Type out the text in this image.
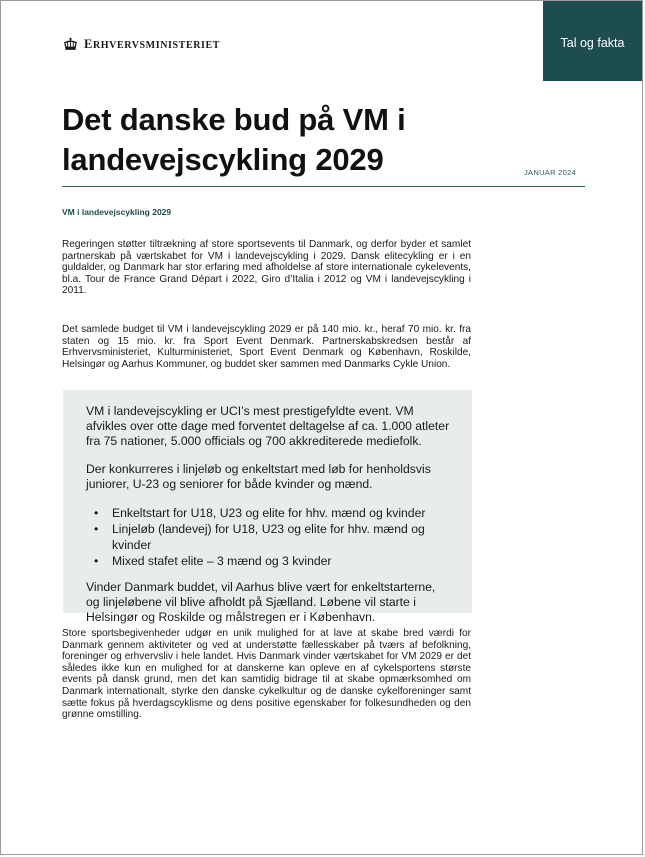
ERHVERVSMINISTERIET	Tal og fakta
Det danske bud på VM i landevejscykling 2029	JANUAR 2024
VM i landevejscykling 2029

Regeringen støtter tiltrækning af store sportsevents til Danmark, og derfor byder et samlet partnerskab på værtskabet for VM i landevejscykling i 2029. Dansk elitecykling er i en guldalder, og Danmark har stor erfaring med afholdelse af store internationale cykelevents, bl.a. Tour de France Grand Départ i 2022, Giro d’Italia i 2012 og VM i landevejscykling i 2011.

Det samlede budget til VM i landevejscykling 2029 er på 140 mio. kr., heraf 70 mio. kr. fra staten og 15 mio. kr. fra Sport Event Denmark. Partnerskabskredsen består af Erhvervsministeriet, Kulturministeriet, Sport Event Denmark og København, Roskilde, Helsingør og Aarhus Kommuner, og buddet sker sammen med Danmarks Cykle Union.

VM i landevejscykling er UCI’s mest prestigefyldte event. VM afvikles over otte dage med forventet deltagelse af ca. 1.000 atleter fra 75 nationer, 5.000 officials og 700 akkrediterede mediefolk.

Der konkurreres i linjeløb og enkeltstart med løb for henholdsvis juniorer, U-23 og seniorer for både kvinder og mænd.

• Enkeltstart for U18, U23 og elite for hhv. mænd og kvinder
• Linjeløb (landevej) for U18, U23 og elite for hhv. mænd og kvinder
• Mixed stafet elite – 3 mænd og 3 kvinder

Vinder Danmark buddet, vil Aarhus blive vært for enkeltstarterne, og linjeløbene vil blive afholdt på Sjælland. Løbene vil starte i Helsingør og Roskilde og målstregen er i København.

Store sportsbegivenheder udgør en unik mulighed for at lave at skabe bred værdi for Danmark gennem aktiviteter og ved at understøtte fællesskaber på tværs af befolkning, foreninger og erhvervsliv i hele landet. Hvis Danmark vinder værtskabet for VM 2029 er det således ikke kun en mulighed for at danskerne kan opleve en af cykelsportens største events på dansk grund, men det kan samtidig bidrage til at skabe opmærksomhed om Danmark internationalt, styrke den danske cykelkultur og de danske cykelforeninger samt sætte fokus på hverdagscyklisme og dens positive egenskaber for folkesundheden og den grønne omstilling.
